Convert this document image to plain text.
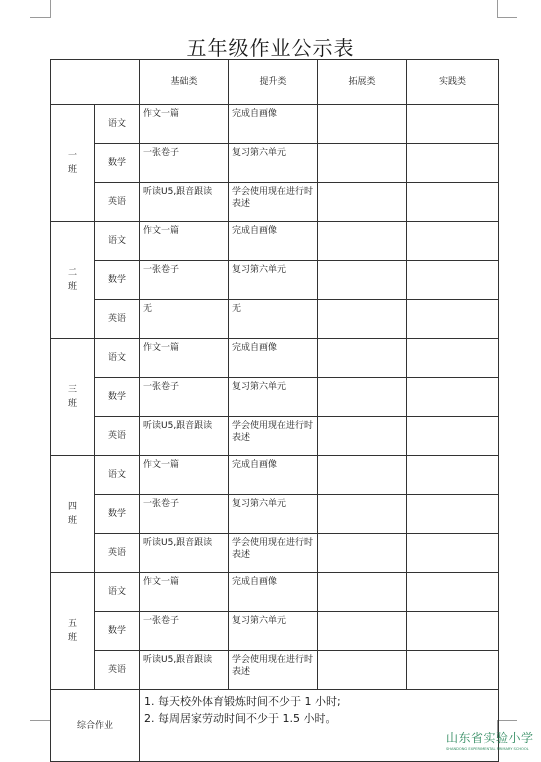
五年级作业公示表
		基础类	提升类	拓展类	实践类

一
班	语文	作文一篇	完成自画像		
	数学	一张卷子	复习第六单元		
	英语	听读U5,跟音跟读	学会使用现在进行时表述		

二
班	语文	作文一篇	完成自画像		
	数学	一张卷子	复习第六单元		
	英语	无	无		

三
班	语文	作文一篇	完成自画像		
	数学	一张卷子	复习第六单元		
	英语	听读U5,跟音跟读	学会使用现在进行时表述		

四
班	语文	作文一篇	完成自画像		
	数学	一张卷子	复习第六单元		
	英语	听读U5,跟音跟读	学会使用现在进行时表述		

五
班	语文	作文一篇	完成自画像		
	数学	一张卷子	复习第六单元		
	英语	听读U5,跟音跟读	学会使用现在进行时表述		
综合作业		1. 每天校外体育锻炼时间不少于 1 小时;
2. 每周居家劳动时间不少于 1.5 小时。			
山东省实验小学
SHANDONG EXPERIMENTAL PRIMARY SCHOOL
